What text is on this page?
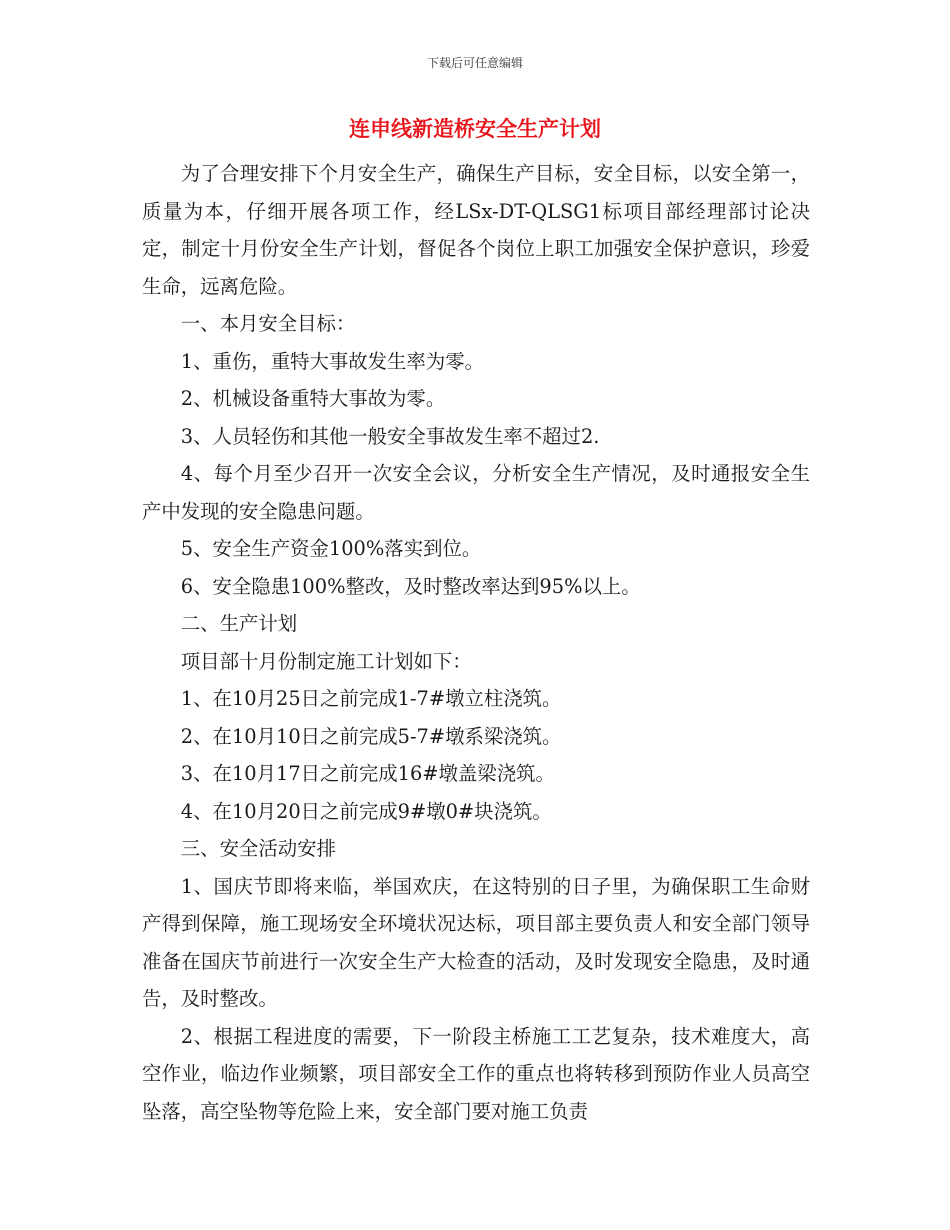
下载后可任意编辑
连申线新造桥安全生产计划

为了合理安排下个月安全生产，确保生产目标，安全目标，以安全第一，质量为本，仔细开展各项工作，经LSx-DT-QLSG1标项目部经理部讨论决定，制定十月份安全生产计划，督促各个岗位上职工加强安全保护意识，珍爱生命，远离危险。

一、本月安全目标：

1、重伤，重特大事故发生率为零。

2、机械设备重特大事故为零。

3、人员轻伤和其他一般安全事故发生率不超过2.

4、每个月至少召开一次安全会议，分析安全生产情况，及时通报安全生产中发现的安全隐患问题。

5、安全生产资金100%落实到位。

6、安全隐患100%整改，及时整改率达到95%以上。

二、生产计划

项目部十月份制定施工计划如下：

1、在10月25日之前完成1-7#墩立柱浇筑。

2、在10月10日之前完成5-7#墩系梁浇筑。

3、在10月17日之前完成16#墩盖梁浇筑。

4、在10月20日之前完成9#墩0#块浇筑。

三、安全活动安排

1、国庆节即将来临，举国欢庆，在这特别的日子里，为确保职工生命财产得到保障，施工现场安全环境状况达标，项目部主要负责人和安全部门领导准备在国庆节前进行一次安全生产大检查的活动，及时发现安全隐患，及时通告，及时整改。

2、根据工程进度的需要，下一阶段主桥施工工艺复杂，技术难度大，高空作业，临边作业频繁，项目部安全工作的重点也将转移到预防作业人员高空坠落，高空坠物等危险上来，安全部门要对施工负责
